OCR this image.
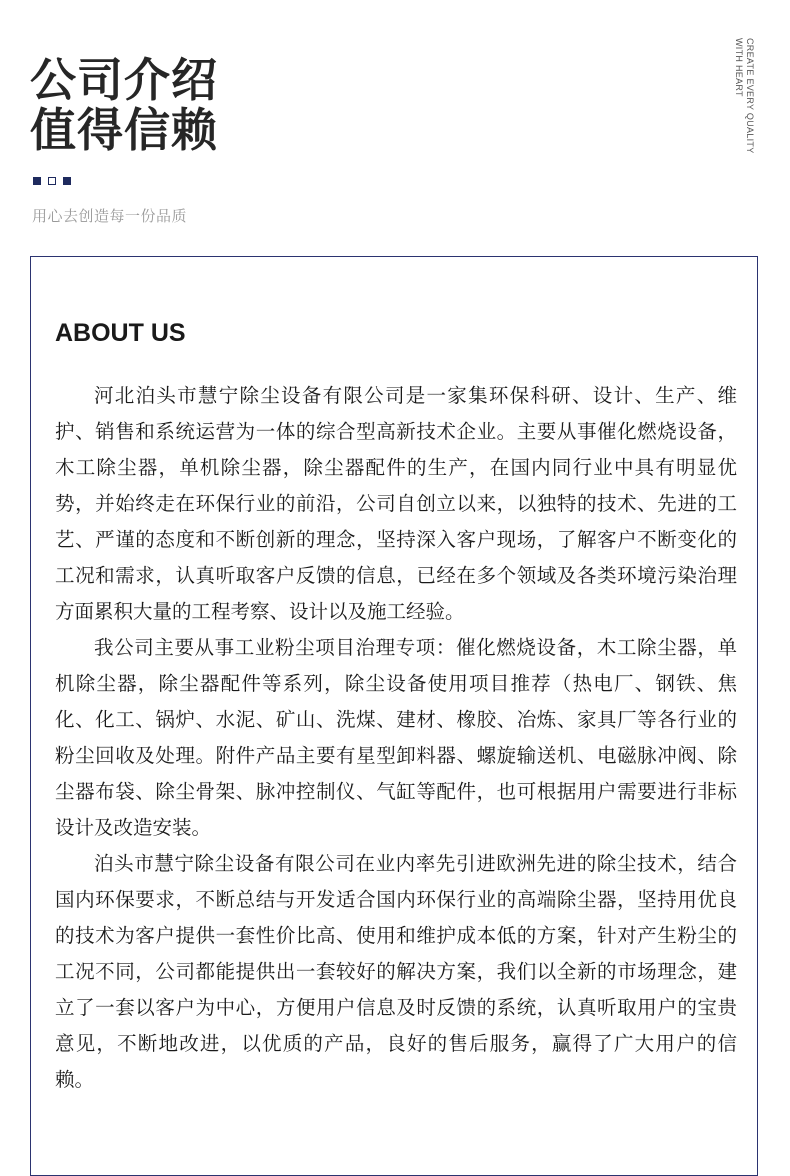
公司介绍
值得信赖	CREATE EVERY QUALITY
WITH HEART
用心去创造每一份品质
ABOUT US

河北泊头市慧宁除尘设备有限公司是一家集环保科研、设计、生产、维护、销售和系统运营为一体的综合型高新技术企业。主要从事催化燃烧设备，木工除尘器，单机除尘器，除尘器配件的生产，在国内同行业中具有明显优势，并始终走在环保行业的前沿，公司自创立以来，以独特的技术、先进的工艺、严谨的态度和不断创新的理念，坚持深入客户现场，了解客户不断变化的工况和需求，认真听取客户反馈的信息，已经在多个领域及各类环境污染治理方面累积大量的工程考察、设计以及施工经验。

我公司主要从事工业粉尘项目治理专项：催化燃烧设备，木工除尘器，单机除尘器，除尘器配件等系列，除尘设备使用项目推荐（热电厂、钢铁、焦化、化工、锅炉、水泥、矿山、洗煤、建材、橡胶、冶炼、家具厂等各行业的粉尘回收及处理。附件产品主要有星型卸料器、螺旋输送机、电磁脉冲阀、除尘器布袋、除尘骨架、脉冲控制仪、气缸等配件，也可根据用户需要进行非标设计及改造安装。

泊头市慧宁除尘设备有限公司在业内率先引进欧洲先进的除尘技术，结合国内环保要求，不断总结与开发适合国内环保行业的高端除尘器，坚持用优良的技术为客户提供一套性价比高、使用和维护成本低的方案，针对产生粉尘的工况不同，公司都能提供出一套较好的解决方案，我们以全新的市场理念，建立了一套以客户为中心，方便用户信息及时反馈的系统，认真听取用户的宝贵意见，不断地改进，以优质的产品，良好的售后服务，赢得了广大用户的信赖。
